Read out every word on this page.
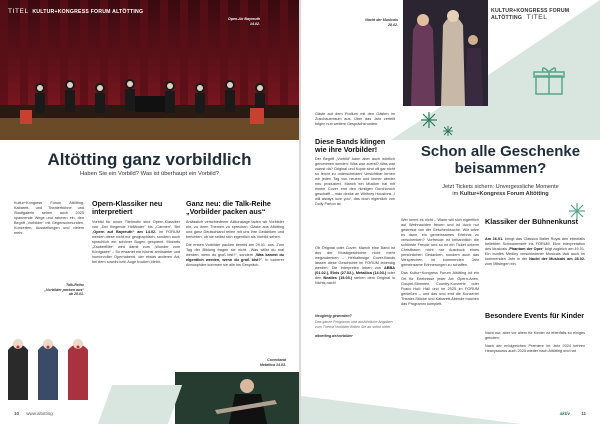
TITEL KULTUR+KONGRESS FORUM ALTÖTTING
Open-Air Bayreuth
14.02.
Altötting ganz vorbildlich
Haben Sie ein Vorbild? Was ist überhaupt ein Vorbild?
Kultur+Kongress Forum Altötting, Kabarett- und Theaterbühne und Stadtgalerie sehen auch 2025 spannende Wege und rahmen ein, den Begriff „Vorbilder“ mit Gegenschmunden, Konzerten, Ausstellungen und vielem mehr.
Talk-Reihe
„Vorbilder packen aus“
ab 29.01.
Opern-Klassiker neu interpretiert
Vorbild für unser Titelmotiv sind Opern-Klassiker von „Der fliegende Holländer“ bis „Carmen“. Bei „Opern auf Bayreuth“ am 14.02. im FORUM werden diese nicht nur geographisch, sondern auch sprachlich ein schöner Bogen gespannt. Mozarts „Zauberflöte“ wird damit zum „Wunder vom Königssee“ – So erwartet ein höchst amüsanter und humorvoller Opernabend, der etwas anderen Art, bei dem sowohl kein Auge trocken bleibt.
Ganz neu: die Talk-Reihe „Vorbilder packen aus“
Anlässlich verschiedener Aktionstage laden wir Vorbilder ein, zu ihren Themen zu sprechen. Gäste aus Altötting und ganz Deutschland teilen mit uns ihre Gedanken und berichten, ob sie selbst sich eigentlich als Vorbild sehen.
Die ersten Vorbilder packen bereits am 29.01. aus. Zum Tag der Bildung fragen sie nicht, „Was willst du mal werden, wenn du groß bist?“, sondern „Was kannst du eigentlich werden, wenn du groß bist?“. In lockerer Atmosphäre kommen sie alle ins Gespräch.
Coverband
Metallica 14.03.
10 www.altotting
Nacht der Musicals
28.02.
KULTUR+KONGRESS FORUM ALTÖTTING TITEL
Gäste auf dem Podium mit den Gästen im Zuschauerraum aus. Über das Jahr verteilt folgen nun weitere Gesprächsrunden.
Diese Bands klingen wie ihre Vorbilder!
Der Begriff „Vorbild“ kann aber auch wörtlich genommen werden: Was war zuerst? Was war zuerst da? Original und Kopie sind oft gar nicht so leicht zu unterscheiden! Unsichtbar lernen wir jeden Tag von neuem und immer wieder neu produziert. Manch ein Musiker hat mit einem Cover erst den richtigen Durchbruch geschafft – man denke an Whitney Houstons „I will always love you“, das doch eigentlich von Dolly Parton ist.
Ob Original oder Cover: Manch eine Band ist aus der Musikgeschichte nicht mehr wegzudenken – Herhaltesige Cover-Bands lassen diese Geschichte im FORUM lebendig werden: Die Interpreten leben von ABBA (01.02.), Elvis (27.02.), Metallica (14.03.) oder den Beatles (15.03.) stehen dem Original in Nichts nach!
Neugierig geworden?
Das ganze Programm und ausführliche Angaben zum Thema Vorbilder finden Sie ab sofort unter:
altoetting.de/vorbilder
Schon alle Geschenke
beisammen?
Jetzt Tickets sichern: Unvergessliche Momente
im Kultur+Kongress Forum Altötting
Wer kennt es nicht – Wann will sich eigentlich auf Weihnachten freuen und ist doch nur gestresst von der Geschenksuche. Wie wäre es dann, ein gemeinsames Erlebnis zu verschenken? Vorfreude ist bekanntlich die schönste Freude und so ist ein Ticket unterm Christbaum nicht nur Ausdruck eines persönlichen Gedanken, sondern auch das Versprechen, im kommenden Jahr gemeinsame Erinnerungen zu schaffen.
Das Kultur+Kongress Forum Altötting ist ein Ort für Erlebnisse jeder Art: Opern-Arien, Gospel-Stimmen, Country-Konzerte oder Postn Hull: Hall und im 2025 im FORUM genießen – und das und erst die Konzerte! Theater-Stücke und Kabarett-Abende machen das Programm komplett.
Klassiker der Bühnenkunst
Am 16.01. bringt das Classico Ballet Royal den ebenfalls beliebten Schwanensee ins FORUM. Eine Interpretation des Musicals „Phantom der Oper“ folgt zugleich am 19.01. Ein buntes Medley verschiedener Musicals lädt auch im kommenden Jahr in der Nacht der Musicals am 28.02. zum Mitsingen ein.
Besondere Events für Kinder
Nicht nur, aber vor allem für Kinder ist ebenfalls so einiges geboten:
Nach der erfolgreichen Premiere im Jahr 2024 kehren Heavysaurus auch 2025 wieder nach Altötting und hat
aktiv	11
